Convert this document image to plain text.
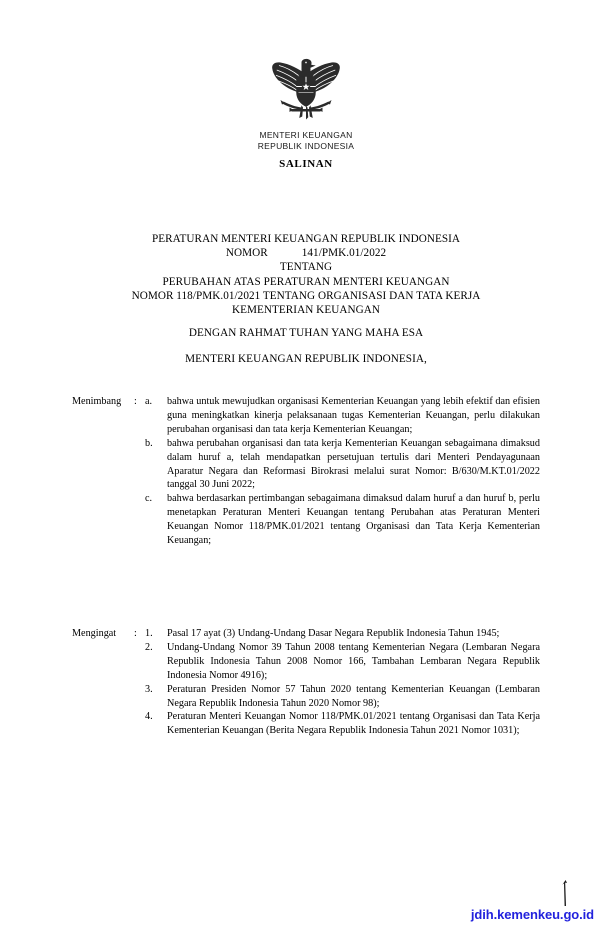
MENTERI KEUANGAN
REPUBLIK INDONESIA
SALINAN
PERATURAN MENTERI KEUANGAN REPUBLIK INDONESIA
NOMOR	141/PMK.01/2022
TENTANG
PERUBAHAN ATAS PERATURAN MENTERI KEUANGAN
NOMOR 118/PMK.01/2021 TENTANG ORGANISASI DAN TATA KERJA
KEMENTERIAN KEUANGAN
DENGAN RAHMAT TUHAN YANG MAHA ESA
MENTERI KEUANGAN REPUBLIK INDONESIA,
Menimbang	: a.	bahwa untuk mewujudkan organisasi Kementerian Keuangan yang lebih efektif dan efisien guna meningkatkan kinerja pelaksanaan tugas Kementerian Keuangan, perlu dilakukan perubahan organisasi dan tata kerja Kementerian Keuangan;
b.	bahwa perubahan organisasi dan tata kerja Kementerian Keuangan sebagaimana dimaksud dalam huruf a, telah mendapatkan persetujuan tertulis dari Menteri Pendayagunaan Aparatur Negara dan Reformasi Birokrasi melalui surat Nomor: B/630/M.KT.01/2022 tanggal 30 Juni 2022;
c.	bahwa berdasarkan pertimbangan sebagaimana dimaksud dalam huruf a dan huruf b, perlu menetapkan Peraturan Menteri Keuangan tentang Perubahan atas Peraturan Menteri Keuangan Nomor 118/PMK.01/2021 tentang Organisasi dan Tata Kerja Kementerian Keuangan;
Mengingat	: 1.	Pasal 17 ayat (3) Undang-Undang Dasar Negara Republik Indonesia Tahun 1945;
2.	Undang-Undang Nomor 39 Tahun 2008 tentang Kementerian Negara (Lembaran Negara Republik Indonesia Tahun 2008 Nomor 166, Tambahan Lembaran Negara Republik Indonesia Nomor 4916);
3.	Peraturan Presiden Nomor 57 Tahun 2020 tentang Kementerian Keuangan (Lembaran Negara Republik Indonesia Tahun 2020 Nomor 98);
4.	Peraturan Menteri Keuangan Nomor 118/PMK.01/2021 tentang Organisasi dan Tata Kerja Kementerian Keuangan (Berita Negara Republik Indonesia Tahun 2021 Nomor 1031);
jdih.kemenkeu.go.id
